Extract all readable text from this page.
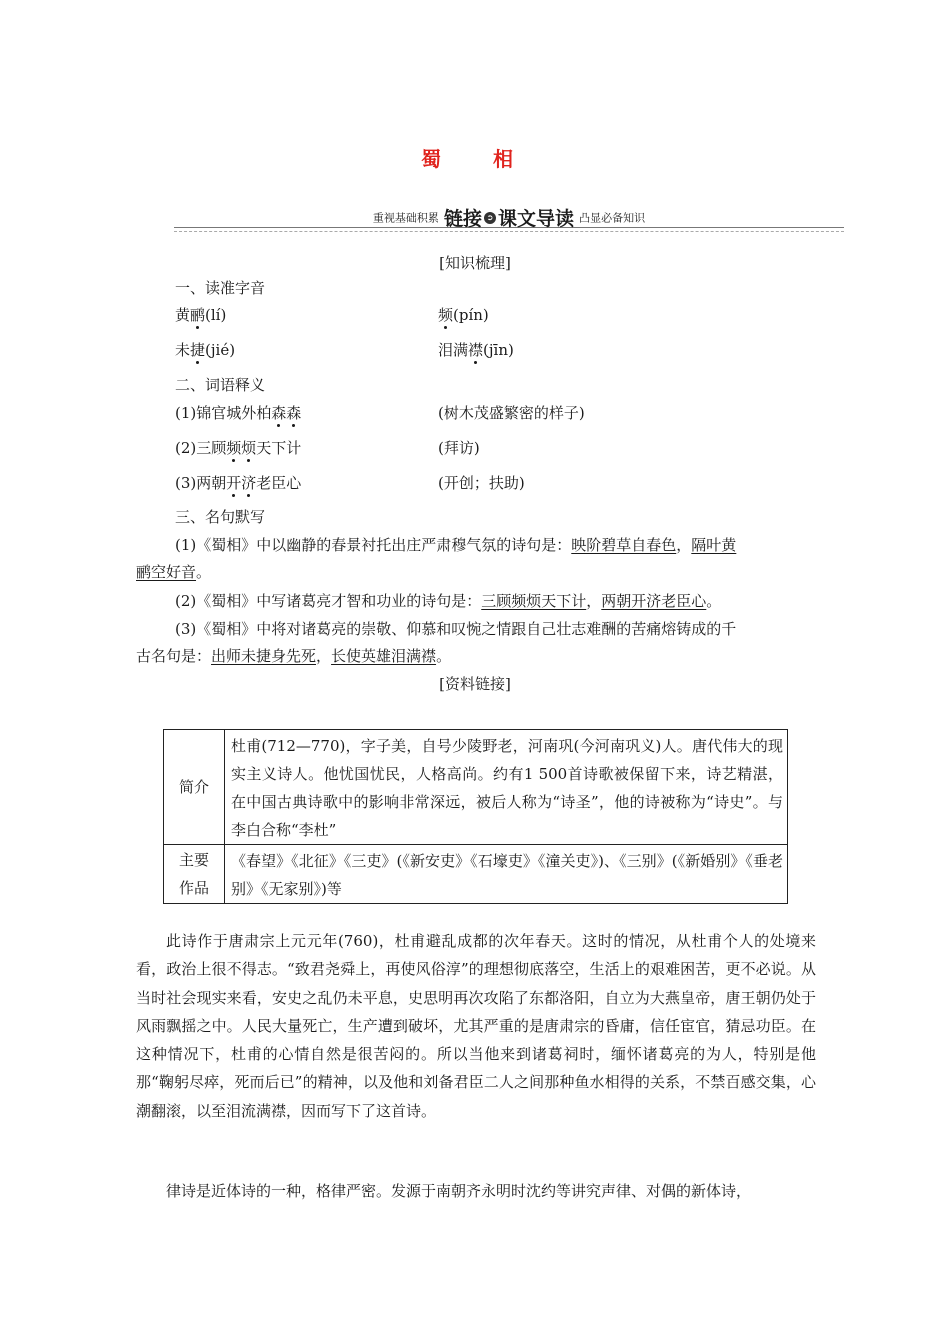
蜀　相
重视基础积累 链接 ➲ 课文导读 凸显必备知识
[知识梳理]
一、读准字音
黄鹂(lí)	频(pín)
未捷(jié)	泪满襟(jīn)
二、词语释义
(1)锦官城外柏森森	(树木茂盛繁密的样子)
(2)三顾频烦天下计	(拜访)
(3)两朝开济老臣心	(开创；扶助)
三、名句默写
(1)《蜀相》中以幽静的春景衬托出庄严肃穆气氛的诗句是：映阶碧草自春色，隔叶黄
鹂空好音。
(2)《蜀相》中写诸葛亮才智和功业的诗句是：三顾频烦天下计，两朝开济老臣心。
(3)《蜀相》中将对诸葛亮的崇敬、仰慕和叹惋之情跟自己壮志难酬的苦痛熔铸成的千
古名句是：出师未捷身先死，长使英雄泪满襟。
[资料链接]
简介	杜甫(712—770)，字子美，自号少陵野老，河南巩(今河南巩义)人。唐代伟大的现实主义诗人。他忧国忧民，人格高尚。约有1 500首诗歌被保留下来，诗艺精湛，在中国古典诗歌中的影响非常深远，被后人称为“诗圣”，他的诗被称为“诗史”。与李白合称“李杜”
主要
作品	《春望》《北征》《三吏》(《新安吏》《石壕吏》《潼关吏》)、《三别》(《新婚别》《垂老别》《无家别》)等
此诗作于唐肃宗上元元年(760)，杜甫避乱成都的次年春天。这时的情况，从杜甫个人的处境来看，政治上很不得志。“致君尧舜上，再使风俗淳”的理想彻底落空，生活上的艰难困苦，更不必说。从当时社会现实来看，安史之乱仍未平息，史思明再次攻陷了东都洛阳，自立为大燕皇帝，唐王朝仍处于风雨飘摇之中。人民大量死亡，生产遭到破坏，尤其严重的是唐肃宗的昏庸，信任宦官，猜忌功臣。在这种情况下，杜甫的心情自然是很苦闷的。所以当他来到诸葛祠时，缅怀诸葛亮的为人，特别是他那“鞠躬尽瘁，死而后已”的精神，以及他和刘备君臣二人之间那种鱼水相得的关系，不禁百感交集，心潮翻滚，以至泪流满襟，因而写下了这首诗。
律诗是近体诗的一种，格律严密。发源于南朝齐永明时沈约等讲究声律、对偶的新体诗，
